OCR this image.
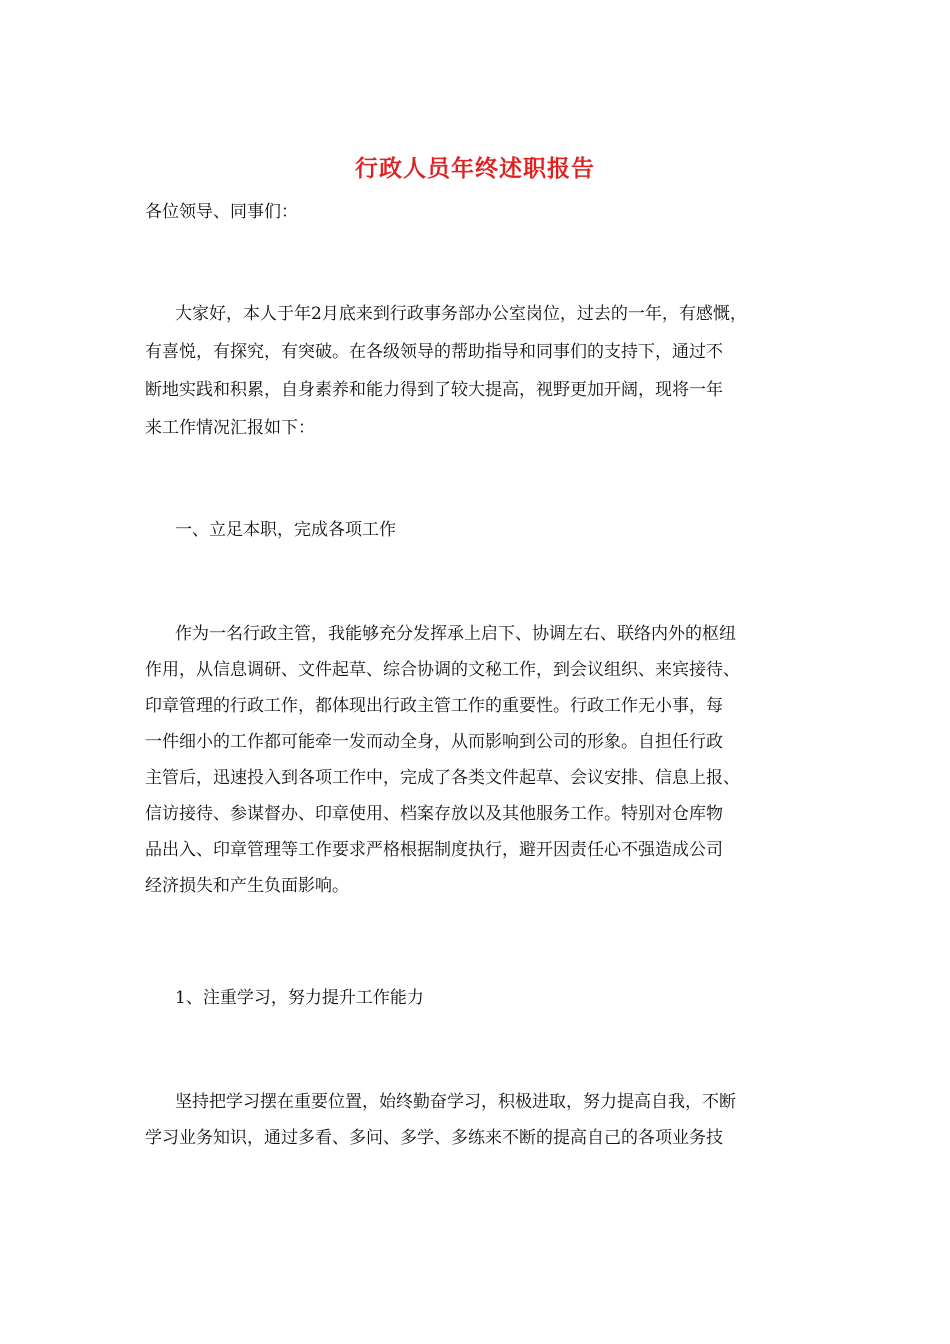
行政人员年终述职报告
各位领导、同事们：
大家好，本人于年2月底来到行政事务部办公室岗位，过去的一年，有感慨，
有喜悦，有探究，有突破。在各级领导的帮助指导和同事们的支持下，通过不
断地实践和积累，自身素养和能力得到了较大提高，视野更加开阔，现将一年
来工作情况汇报如下：
一、立足本职，完成各项工作
作为一名行政主管，我能够充分发挥承上启下、协调左右、联络内外的枢纽
作用，从信息调研、文件起草、综合协调的文秘工作，到会议组织、来宾接待、
印章管理的行政工作，都体现出行政主管工作的重要性。行政工作无小事，每
一件细小的工作都可能牵一发而动全身，从而影响到公司的形象。自担任行政
主管后，迅速投入到各项工作中，完成了各类文件起草、会议安排、信息上报、
信访接待、参谋督办、印章使用、档案存放以及其他服务工作。特别对仓库物
品出入、印章管理等工作要求严格根据制度执行，避开因责任心不强造成公司
经济损失和产生负面影响。
1、注重学习，努力提升工作能力
坚持把学习摆在重要位置，始终勤奋学习，积极进取，努力提高自我，不断
学习业务知识，通过多看、多问、多学、多练来不断的提高自己的各项业务技
